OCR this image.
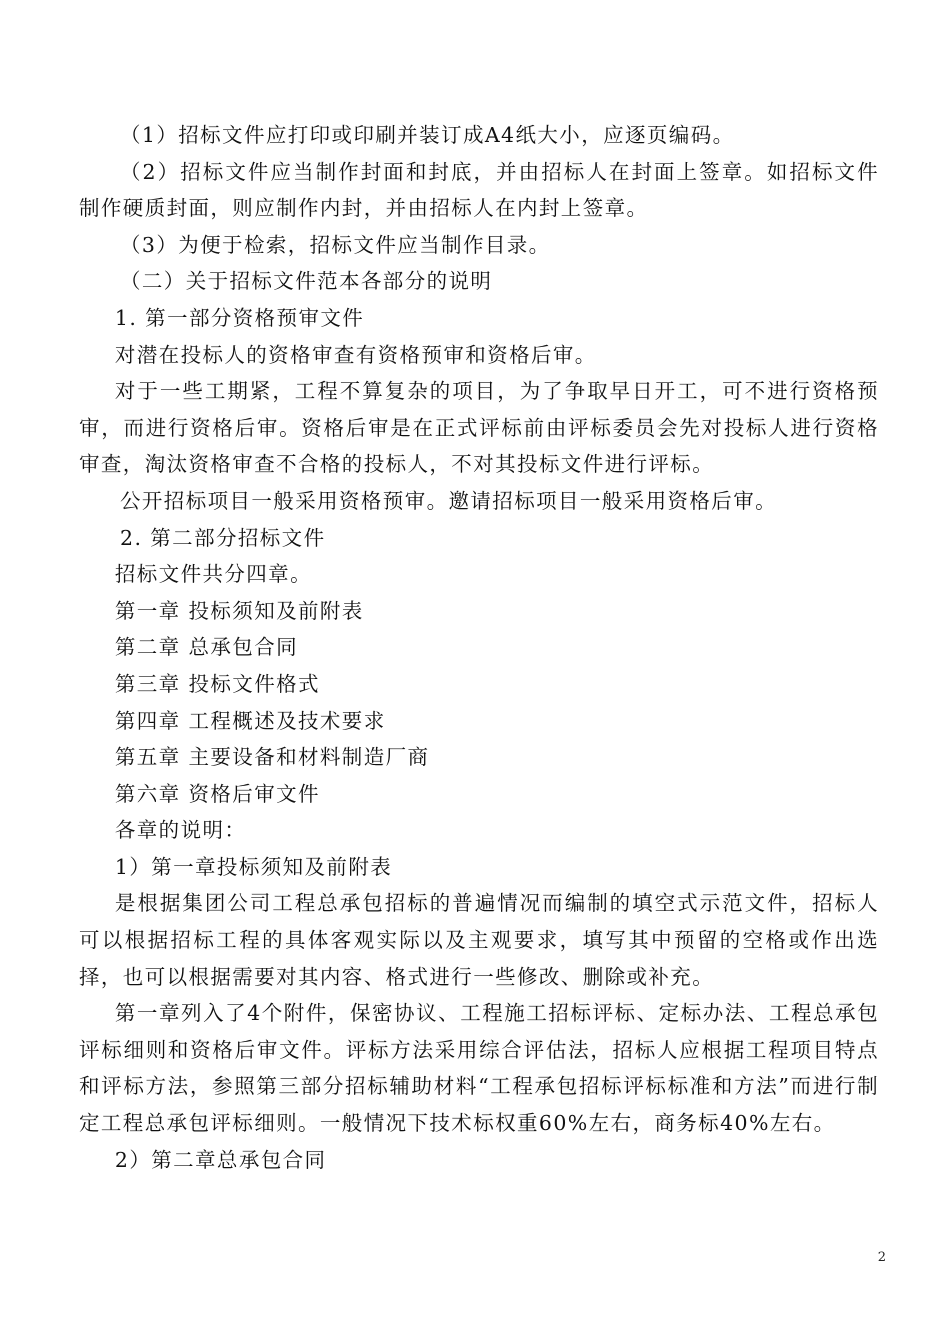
（1）招标文件应打印或印刷并装订成A4纸大小，应逐页编码。

（2）招标文件应当制作封面和封底，并由招标人在封面上签章。如招标文件制作硬质封面，则应制作内封，并由招标人在内封上签章。

（3）为便于检索，招标文件应当制作目录。

（二）关于招标文件范本各部分的说明

1. 第一部分资格预审文件

对潜在投标人的资格审查有资格预审和资格后审。

对于一些工期紧，工程不算复杂的项目，为了争取早日开工，可不进行资格预审，而进行资格后审。资格后审是在正式评标前由评标委员会先对投标人进行资格审查，淘汰资格审查不合格的投标人，不对其投标文件进行评标。

公开招标项目一般采用资格预审。邀请招标项目一般采用资格后审。

2. 第二部分招标文件

招标文件共分四章。

第一章 投标须知及前附表

第二章 总承包合同

第三章 投标文件格式

第四章 工程概述及技术要求

第五章 主要设备和材料制造厂商

第六章 资格后审文件

各章的说明：

1）第一章投标须知及前附表

是根据集团公司工程总承包招标的普遍情况而编制的填空式示范文件，招标人可以根据招标工程的具体客观实际以及主观要求，填写其中预留的空格或作出选择，也可以根据需要对其内容、格式进行一些修改、删除或补充。

第一章列入了4个附件，保密协议、工程施工招标评标、定标办法、工程总承包评标细则和资格后审文件。评标方法采用综合评估法，招标人应根据工程项目特点和评标方法，参照第三部分招标辅助材料“工程承包招标评标标准和方法”而进行制定工程总承包评标细则。一般情况下技术标权重60%左右，商务标40%左右。

2）第二章总承包合同

2
